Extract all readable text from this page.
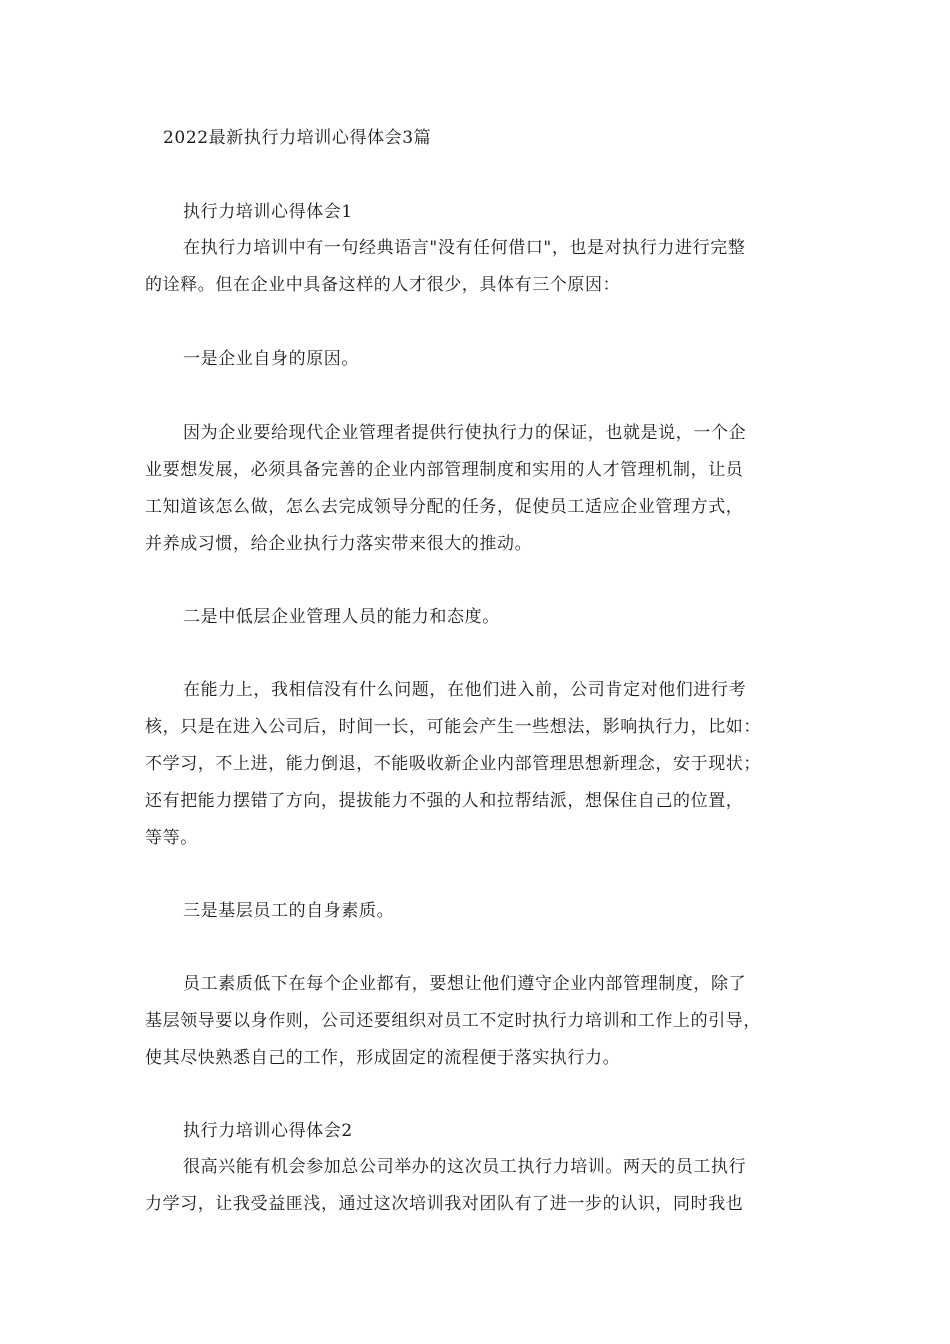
2022最新执行力培训心得体会3篇
执行力培训心得体会1
在执行力培训中有一句经典语言"没有任何借口"，也是对执行力进行完整
的诠释。但在企业中具备这样的人才很少，具体有三个原因：
一是企业自身的原因。
因为企业要给现代企业管理者提供行使执行力的保证，也就是说，一个企
业要想发展，必须具备完善的企业内部管理制度和实用的人才管理机制，让员
工知道该怎么做，怎么去完成领导分配的任务，促使员工适应企业管理方式，
并养成习惯，给企业执行力落实带来很大的推动。
二是中低层企业管理人员的能力和态度。
在能力上，我相信没有什么问题，在他们进入前，公司肯定对他们进行考
核，只是在进入公司后，时间一长，可能会产生一些想法，影响执行力，比如：
不学习，不上进，能力倒退，不能吸收新企业内部管理思想新理念，安于现状；
还有把能力摆错了方向，提拔能力不强的人和拉帮结派，想保住自己的位置，
等等。
三是基层员工的自身素质。
员工素质低下在每个企业都有，要想让他们遵守企业内部管理制度，除了
基层领导要以身作则，公司还要组织对员工不定时执行力培训和工作上的引导，
使其尽快熟悉自己的工作，形成固定的流程便于落实执行力。
执行力培训心得体会2
很高兴能有机会参加总公司举办的这次员工执行力培训。两天的员工执行
力学习，让我受益匪浅，通过这次培训我对团队有了进一步的认识，同时我也
